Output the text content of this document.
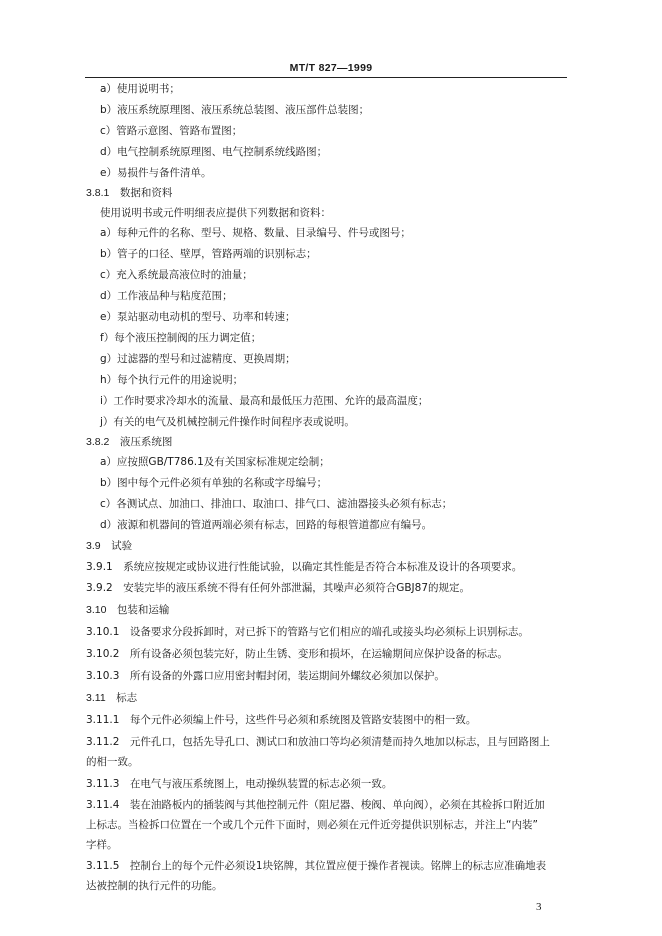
MT/T 827—1999
a）使用说明书；
b）液压系统原理图、液压系统总装图、液压部件总装图；
c）管路示意图、管路布置图；
d）电气控制系统原理图、电气控制系统线路图；
e）易损件与备件清单。
3.8.1　数据和资料
使用说明书或元件明细表应提供下列数据和资料：
a）每种元件的名称、型号、规格、数量、目录编号、件号或图号；
b）管子的口径、壁厚，管路两端的识别标志；
c）充入系统最高液位时的油量；
d）工作液品种与粘度范围；
e）泵站驱动电动机的型号、功率和转速；
f）每个液压控制阀的压力调定值；
g）过滤器的型号和过滤精度、更换周期；
h）每个执行元件的用途说明；
i）工作时要求冷却水的流量、最高和最低压力范围、允许的最高温度；
j）有关的电气及机械控制元件操作时间程序表或说明。
3.8.2　液压系统图
a）应按照GB/T786.1及有关国家标准规定绘制；
b）图中每个元件必须有单独的名称或字母编号；
c）各测试点、加油口、排油口、取油口、排气口、滤油器接头必须有标志；
d）液源和机器间的管道两端必须有标志，回路的每根管道都应有编号。
3.9　试验
3.9.1　系统应按规定或协议进行性能试验，以确定其性能是否符合本标准及设计的各项要求。
3.9.2　安装完毕的液压系统不得有任何外部泄漏，其噪声必须符合GBJ87的规定。
3.10　包装和运输
3.10.1　设备要求分段拆卸时，对已拆下的管路与它们相应的端孔或接头均必须标上识别标志。
3.10.2　所有设备必须包装完好，防止生锈、变形和损坏，在运输期间应保护设备的标志。
3.10.3　所有设备的外露口应用密封帽封闭，装运期间外螺纹必须加以保护。
3.11　标志
3.11.1　每个元件必须编上件号，这些件号必须和系统图及管路安装图中的相一致。
3.11.2　元件孔口，包括先导孔口、测试口和放油口等均必须清楚而持久地加以标志，且与回路图上
的相一致。
3.11.3　在电气与液压系统图上，电动操纵装置的标志必须一致。
3.11.4　装在油路板内的插装阀与其他控制元件（阻尼器、梭阀、单向阀），必须在其检拆口附近加
上标志。当检拆口位置在一个或几个元件下面时，则必须在元件近旁提供识别标志，并注上“内装”
字样。
3.11.5　控制台上的每个元件必须设1块铭牌，其位置应便于操作者视读。铭牌上的标志应准确地表
达被控制的执行元件的功能。
3
